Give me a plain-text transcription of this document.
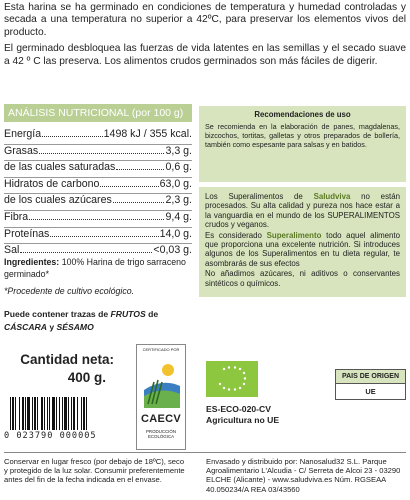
Esta harina se ha germinado en condiciones de temperatura y humedad controladas y secada a una temperatura no superior a 42ºC, para preservar los elementos vivos del producto.

El germinado desbloquea las fuerzas de vida latentes en las semillas y el secado suave a 42 º C las preserva. Los alimentos crudos germinados son más fáciles de digerir.

ANÁLISIS NUTRICIONAL (por 100 g)
Energía	1498 kJ / 355 kcal.
Grasas	3,3 g.
de las cuales saturadas	0,6 g.
Hidratos de carbono	63,0 g.
de los cuales azúcares	2,3 g.
Fibra	9,4 g.
Proteínas	14,0 g.
Sal	<0,03 g.
Ingredientes: 100% Harina de trigo sarraceno germinado*
*Procedente de cultivo ecológico.
Puede contener trazas de FRUTOS de
CÁSCARA y SÉSAMO
Recomendaciones de uso

Se recomienda en la elaboración de panes, magdalenas, bizcochos, tortitas, galletas y otros preparados de bollería, también como espesante para salsas y en batidos.

Los Superalimentos de Saludviva no están procesados. Su alta calidad y pureza nos hace estar a la vanguardia en el mundo de los SUPERALIMENTOS crudos y veganos.

Es considerado Superalimento todo aquel alimento que proporciona una excelente nutrición. Si introduces algunos de los Superalimentos en tu dieta regular, te asombrarás de sus efectos

No añadimos azúcares, ni aditivos o conservantes sintéticos o químicos.

Cantidad neta:
400 g.
0 023790 000005
CERTIFICADO POR
CAECV
PRODUCCIÓN ECOLÓGICA
ES-ECO-020-CV
Agricultura no UE
PAIS DE ORIGEN
UE
Conservar en lugar fresco (por debajo de 18ºC), seco y protegido de la luz solar. Consumir preferentemente antes del fin de la fecha indicada en el envase.
Envasado y distribuido por: Nanosalud32 S.L. Parque Agroalimentario L'Alcudia - C/ Serreta de Alcoi 23 - 03290 ELCHE (Alicante) - www.saludviva.es Núm. RGSEAA 40.050234/A REA 03/43560
